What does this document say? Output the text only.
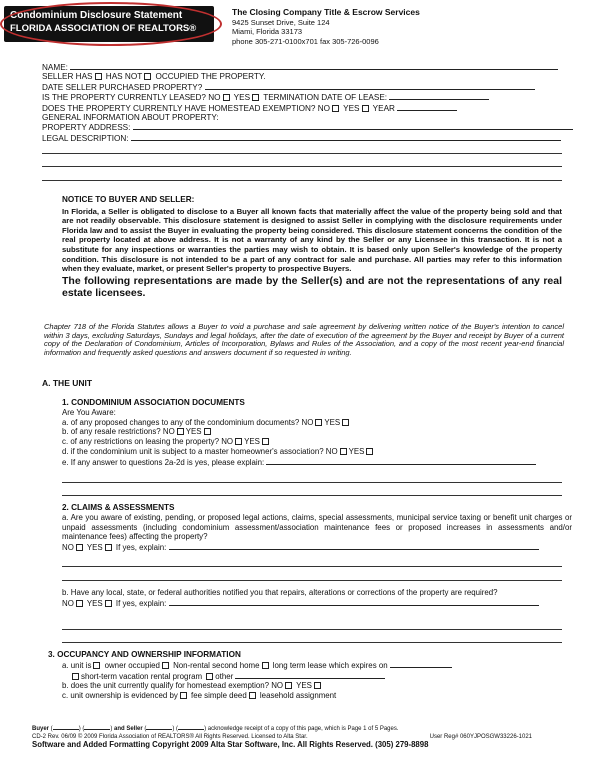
Condominium Disclosure Statement
FLORIDA ASSOCIATION OF REALTORS®
The Closing Company Title & Escrow Services
9425 Sunset Drive, Suite 124
Miami, Florida 33173
phone 305-271-0100x701 fax 305-726-0096
NAME:
SELLER HAS HAS NOT OCCUPIED THE PROPERTY.
DATE SELLER PURCHASED PROPERTY?
IS THE PROPERTY CURRENTLY LEASED? NO YES TERMINATION DATE OF LEASE:
DOES THE PROPERTY CURRENTLY HAVE HOMESTEAD EXEMPTION? NO YES YEAR
GENERAL INFORMATION ABOUT PROPERTY:
PROPERTY ADDRESS:
LEGAL DESCRIPTION:
NOTICE TO BUYER AND SELLER:
In Florida, a Seller is obligated to disclose to a Buyer all known facts that materially affect the value of the property being sold and that are not readily observable. This disclosure statement is designed to assist Seller in complying with the disclosure requirements under Florida law and to assist the Buyer in evaluating the property being considered. This disclosure statement concerns the condition of the real property located at above address. It is not a warranty of any kind by the Seller or any Licensee in this transaction. It is not a substitute for any inspections or warranties the parties may wish to obtain. It is based only upon Seller's knowledge of the property condition. This disclosure is not intended to be a part of any contract for sale and purchase. All parties may refer to this information when they evaluate, market, or present Seller's property to prospective Buyers.
The following representations are made by the Seller(s) and are not the representations of any real estate licensees.
Chapter 718 of the Florida Statutes allows a Buyer to void a purchase and sale agreement by delivering written notice of the Buyer's intention to cancel within 3 days, excluding Saturdays, Sundays and legal holidays, after the date of execution of the agreement by the Buyer and receipt by Buyer of a current copy of the Declaration of Condominium, Articles of Incorporation, Bylaws and Rules of the Association, and a copy of the most recent year-end financial information and frequently asked questions and answers document if so requested in writing.
A. THE UNIT

1. CONDOMINIUM ASSOCIATION DOCUMENTS

Are You Aware:

a. of any proposed changes to any of the condominium documents? NO YES

b. of any resale restrictions? NO YES

c. of any restrictions on leasing the property? NO YES

d. if the condominium unit is subject to a master homeowner's association? NO YES

e. If any answer to questions 2a-2d is yes, please explain:

2. CLAIMS & ASSESSMENTS

a. Are you aware of existing, pending, or proposed legal actions, claims, special assessments, municipal service taxing or benefit unit charges or unpaid assessments (including condominium assessment/association maintenance fees or proposed increases in assessments and/or maintenance fees) affecting the property?

NO YES If yes, explain:

b. Have any local, state, or federal authorities notified you that repairs, alterations or corrections of the property are required?

NO YES If yes, explain:

3. OCCUPANCY AND OWNERSHIP INFORMATION

a. unit is owner occupied Non-rental second home long term lease which expires on

short-term vacation rental program other

b. does the unit currently qualify for homestead exemption? NO YES

c. unit ownership is evidenced by fee simple deed leasehold assignment

Buyer (	) (	) and Seller (	) (	) acknowledge receipt of a copy of this page, which is Page 1 of 5 Pages.
CD-2 Rev. 06/09 © 2009 Florida Association of REALTORS® All Rights Reserved. Licensed to Alta Star.	User Reg# 060YJPOSGW33226-1021
Software and Added Formatting Copyright 2009 Alta Star Software, Inc. All Rights Reserved. (305) 279-8898
